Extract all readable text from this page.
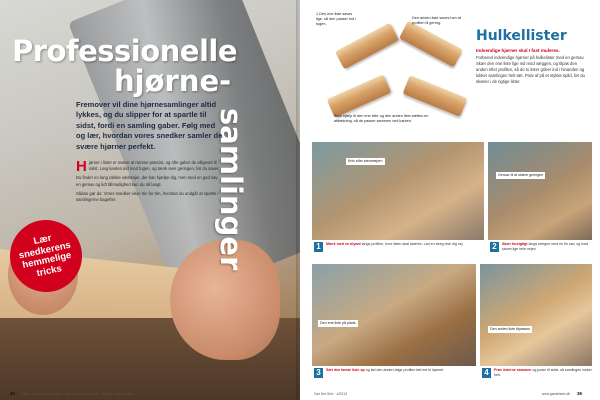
Professionelle
hjørne-
samlinger
Fremover vil dine hjørnesamlinger altid lykkes, og du slipper for at spartle til sidst, fordi en samling gaber. Følg med og lær, hvordan vores snedker samler de svære hjørner perfekt.

Hjørner i lister er svære at ramme præcist, og ofte gaber de alligevel til sidst. Læg kanten ind mod fugen, og tænk over geringen, før du saver.

Du finder en lang række værktøjer, der kan hjælpe dig, men med en god sav, en gersav og lidt tålmodighed kan du nå langt.

Sådan gør du: Vores snedker viser trin for trin, hvordan du undgår at spartle i samlingerne bagefter.

Lær snedkerens hemmelige tricks
36 Tekst: Jeanette Laugesen · Foto: Nicolai Sørensen · Styling: Trine Nielsen
1 Den ene liste saves lige, så den passer ind i fugen.
Den anden liste saves hen af profilen til gering.
Som hjælp til den ene liste og den anden liste sættes en afdækning, så de passer sammen ved kanten.
Hulkellister
Indvendige hjørner skal I fast muleres.
Forbered indvendige hjørner på hulkelister med en gersav. Skær den ene liste lige ind mod væggen, og tilpas den anden efter profilen, så de to lister griber ind i hinanden og lukker samlingen helt tæt. Prøv af på et stykke spild, før du skærer i de rigtige lister.
Kniv eller stemmejern
Gersav til at skære geringen
1	Mærk med en blyant langs profilen, hvor listen skal skæres. Lad en streg vise dig vej.	2	Skær forsigtigt langs stregen med en fin sav, og hold saven lige hele vejen.
Den ene liste på plads
Den anden liste tilpasses
3	Sæt den første liste op og lad den anden følge profilen tæt ind til hjørnet.	4	Prøv listerne sammen og juster til sidst, så samlingen lukker helt.
Gør Det Selv · 4/2013	www.gørdetselv.dk 36
